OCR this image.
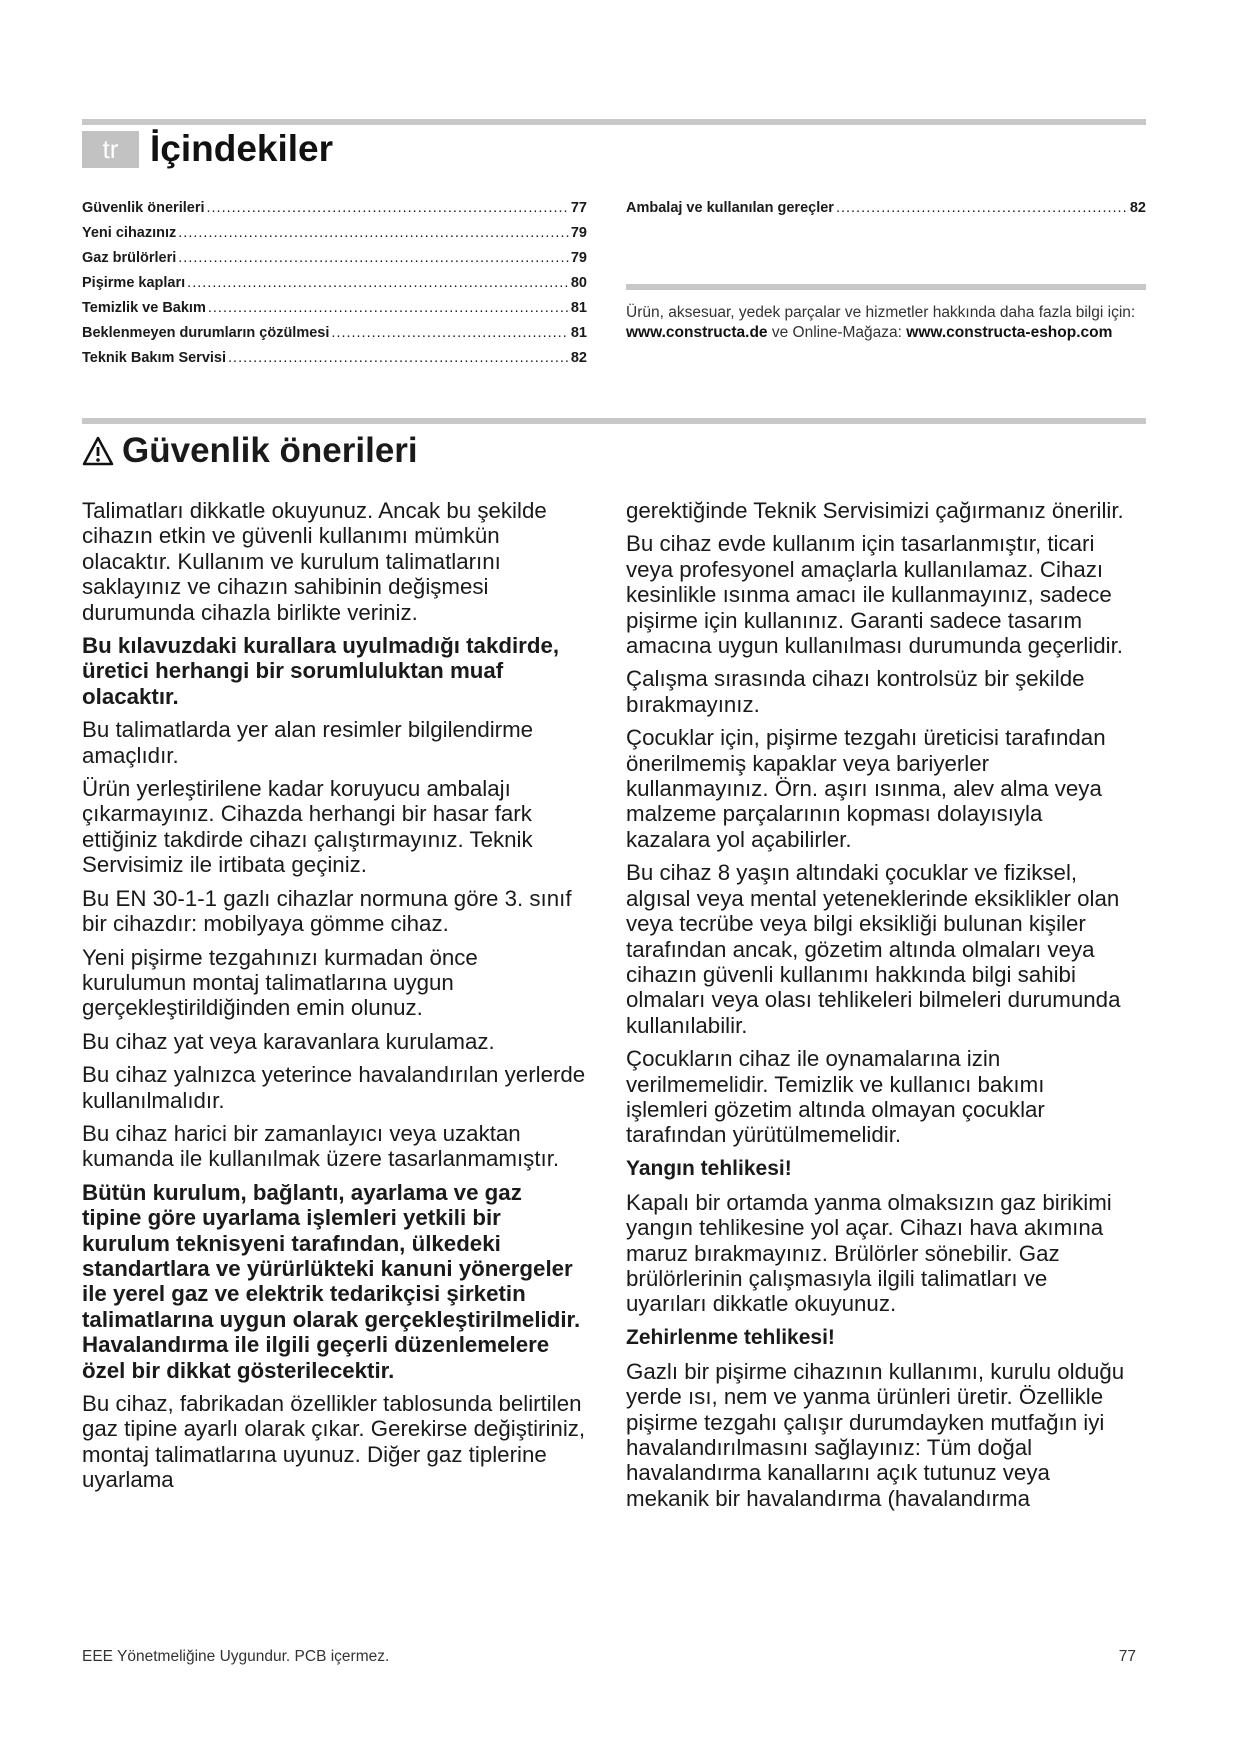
tr İçindekiler
Güvenlik önerileri .....	77
Yeni cihazınız .....	79
Gaz brülörleri .....	79
Pişirme kapları .....	80
Temizlik ve Bakım .....	81
Beklenmeyen durumların çözülmesi .....	81
Teknik Bakım Servisi .....	82
Ambalaj ve kullanılan gereçler .....	82
Ürün, aksesuar, yedek parçalar ve hizmetler hakkında daha fazla bilgi için: www.constructa.de ve Online-Mağaza: www.constructa-eshop.com
Güvenlik önerileri

Talimatları dikkatle okuyunuz. Ancak bu şekilde cihazın etkin ve güvenli kullanımı mümkün olacaktır. Kullanım ve kurulum talimatlarını saklayınız ve cihazın sahibinin değişmesi durumunda cihazla birlikte veriniz.

Bu kılavuzdaki kurallara uyulmadığı takdirde, üretici herhangi bir sorumluluktan muaf olacaktır.

Bu talimatlarda yer alan resimler bilgilendirme amaçlıdır.

Ürün yerleştirilene kadar koruyucu ambalajı çıkarmayınız. Cihazda herhangi bir hasar fark ettiğiniz takdirde cihazı çalıştırmayınız. Teknik Servisimiz ile irtibata geçiniz.

Bu EN 30-1-1 gazlı cihazlar normuna göre 3. sınıf bir cihazdır: mobilyaya gömme cihaz.

Yeni pişirme tezgahınızı kurmadan önce kurulumun montaj talimatlarına uygun gerçekleştirildiğinden emin olunuz.

Bu cihaz yat veya karavanlara kurulamaz.

Bu cihaz yalnızca yeterince havalandırılan yerlerde kullanılmalıdır.

Bu cihaz harici bir zamanlayıcı veya uzaktan kumanda ile kullanılmak üzere tasarlanmamıştır.

Bütün kurulum, bağlantı, ayarlama ve gaz tipine göre uyarlama işlemleri yetkili bir kurulum teknisyeni tarafından, ülkedeki standartlara ve yürürlükteki kanuni yönergeler ile yerel gaz ve elektrik tedarikçisi şirketin talimatlarına uygun olarak gerçekleştirilmelidir. Havalandırma ile ilgili geçerli düzenlemelere özel bir dikkat gösterilecektir.

Bu cihaz, fabrikadan özellikler tablosunda belirtilen gaz tipine ayarlı olarak çıkar. Gerekirse değiştiriniz, montaj talimatlarına uyunuz. Diğer gaz tiplerine uyarlama

gerektiğinde Teknik Servisimizi çağırmanız önerilir.

Bu cihaz evde kullanım için tasarlanmıştır, ticari veya profesyonel amaçlarla kullanılamaz. Cihazı kesinlikle ısınma amacı ile kullanmayınız, sadece pişirme için kullanınız. Garanti sadece tasarım amacına uygun kullanılması durumunda geçerlidir.

Çalışma sırasında cihazı kontrolsüz bir şekilde bırakmayınız.

Çocuklar için, pişirme tezgahı üreticisi tarafından önerilmemiş kapaklar veya bariyerler kullanmayınız. Örn. aşırı ısınma, alev alma veya malzeme parçalarının kopması dolayısıyla kazalara yol açabilirler.

Bu cihaz 8 yaşın altındaki çocuklar ve fiziksel, algısal veya mental yeteneklerinde eksiklikler olan veya tecrübe veya bilgi eksikliği bulunan kişiler tarafından ancak, gözetim altında olmaları veya cihazın güvenli kullanımı hakkında bilgi sahibi olmaları veya olası tehlikeleri bilmeleri durumunda kullanılabilir.

Çocukların cihaz ile oynamalarına izin verilmemelidir. Temizlik ve kullanıcı bakımı işlemleri gözetim altında olmayan çocuklar tarafından yürütülmemelidir.

Yangın tehlikesi!

Kapalı bir ortamda yanma olmaksızın gaz birikimi yangın tehlikesine yol açar. Cihazı hava akımına maruz bırakmayınız. Brülörler sönebilir. Gaz brülörlerinin çalışmasıyla ilgili talimatları ve uyarıları dikkatle okuyunuz.

Zehirlenme tehlikesi!

Gazlı bir pişirme cihazının kullanımı, kurulu olduğu yerde ısı, nem ve yanma ürünleri üretir. Özellikle pişirme tezgahı çalışır durumdayken mutfağın iyi havalandırılmasını sağlayınız: Tüm doğal havalandırma kanallarını açık tutunuz veya mekanik bir havalandırma (havalandırma

EEE Yönetmeliğine Uygundur. PCB içermez.	77
